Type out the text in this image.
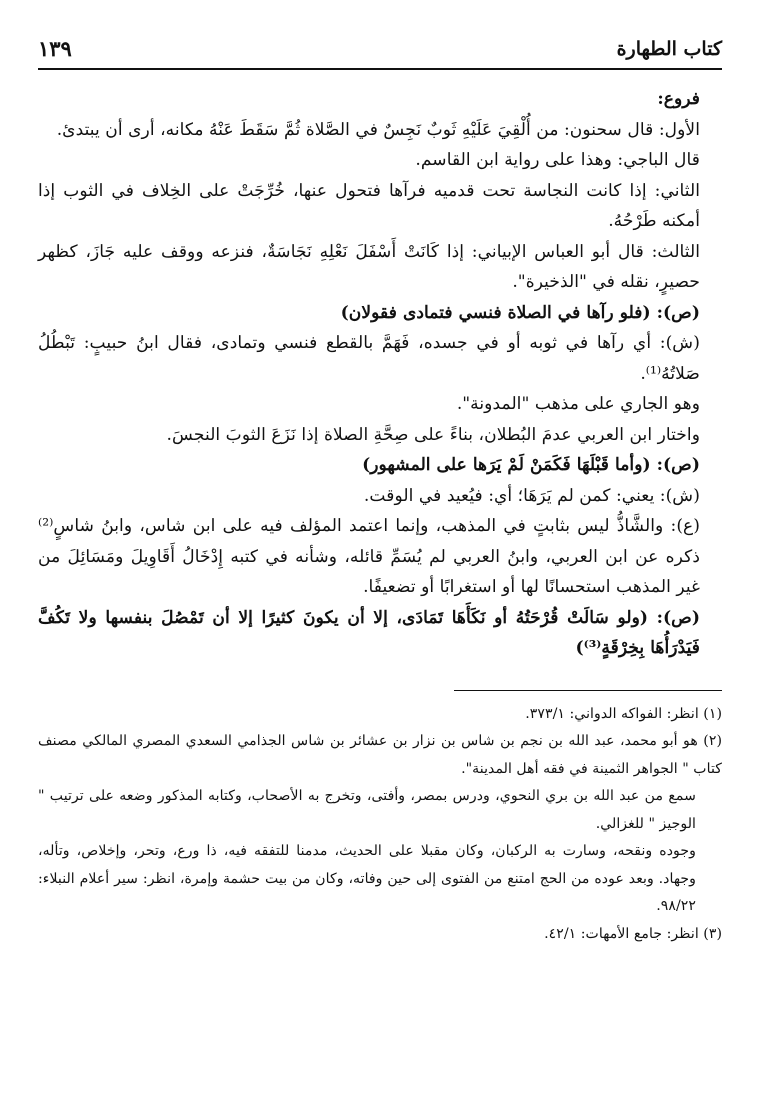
كتاب الطهارة
١٣٩

فروع:

الأول: قال سحنون: من أُلْقِيَ عَلَيْهِ ثَوبٌ نَجِسٌ في الصَّلاة ثُمَّ سَقَطَ عَنْهُ مكانه، أرى أن يبتدئ.

قال الباجي: وهذا على رواية ابن القاسم.

الثاني: إذا كانت النجاسة تحت قدميه فرآها فتحول عنها، خُرِّجَتْ على الخِلاف في الثوب إذا أمكنه طَرْحُهُ.

الثالث: قال أبو العباس الإبياني: إذا كَانَتْ أَسْفَلَ نَعْلِهِ نَجَاسَةٌ، فنزعه ووقف عليه جَازَ، كظهر حصيرٍ، نقله في "الذخيرة".

(ص): (فلو رآها في الصلاة فنسي فتمادى فقولان)

(ش): أي رآها في ثوبه أو في جسده، فَهَمَّ بالقطع فنسي وتمادى، فقال ابنُ حبيبٍ: تَبْطُلُ صَلاتُهُ⁽¹⁾.

وهو الجاري على مذهب "المدونة".

واختار ابن العربي عدمَ البُطلان، بناءً على صِحَّةِ الصلاة إذا نَزَعَ الثوبَ النجسَ.

(ص): (وأما قَبْلَهَا فَكَمَنْ لَمْ يَرَها على المشهور)

(ش): يعني: كمن لم يَرَهَا؛ أي: فيُعيد في الوقت.

(ع): والشَّاذُّ ليس بثابتٍ في المذهب، وإنما اعتمد المؤلف فيه على ابن شاس، وابنُ شاسٍ⁽²⁾ ذكره عن ابن العربي، وابنُ العربي لم يُسَمِّ قائله، وشأنه في كتبه إِدْخَالُ أَقَاوِيلَ ومَسَائِلَ من غير المذهب استحسانًا لها أو استغرابًا أو تضعيفًا.

(ص): (ولو سَالَتْ قُرْحَتُهُ أو نَكَأَهَا تَمَادَى، إلا أن يكونَ كثيرًا إلا أن تَمْصُلَ بنفسها ولا تَكُفَّ فَيَدْرَأُهَا بِخِرْقَةٍ⁽³⁾)

(١) انظر: الفواكه الدواني: ٣٧٣/١.

(٢) هو أبو محمد، عبد الله بن نجم بن شاس بن نزار بن عشائر بن شاس الجذامي السعدي المصري المالكي مصنف كتاب " الجواهر الثمينة في فقه أهل المدينة".

سمع من عبد الله بن بري النحوي، ودرس بمصر، وأفتى، وتخرج به الأصحاب، وكتابه المذكور وضعه على ترتيب " الوجيز " للغزالي.

وجوده ونقحه، وسارت به الركبان، وكان مقبلا على الحديث، مدمنا للتفقه فيه، ذا ورع، وتحر، وإخلاص، وتأله، وجهاد. وبعد عوده من الحج امتنع من الفتوى إلى حين وفاته، وكان من بيت حشمة وإمرة، انظر: سير أعلام النبلاء: ٩٨/٢٢.

(٣) انظر: جامع الأمهات: ٤٢/١.
